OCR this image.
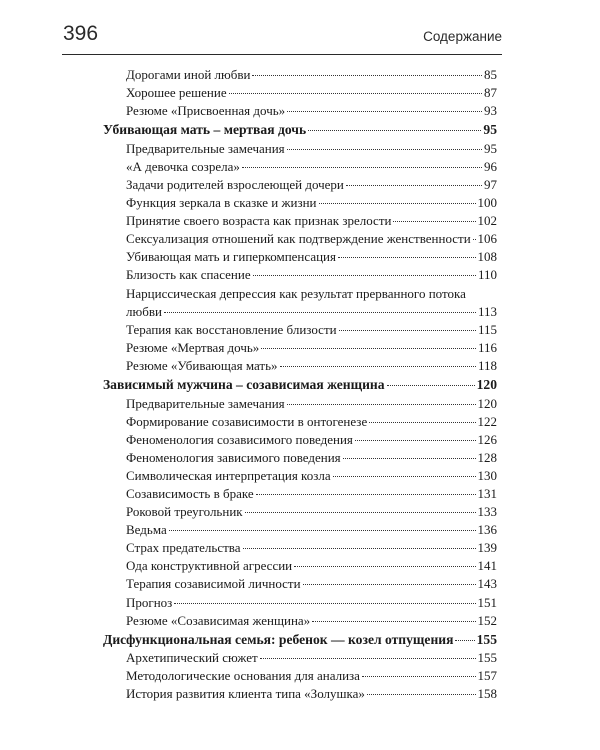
396	Содержание
Дорогами иной любви	85
Хорошее решение	87
Резюме «Присвоенная дочь»	93
Убивающая мать – мертвая дочь	95
Предварительные замечания	95
«А девочка созрела»	96
Задачи родителей взрослеющей дочери	97
Функция зеркала в сказке и жизни	100
Принятие своего возраста как признак зрелости	102
Сексуализация отношений как подтверждение женственности 106
Убивающая мать и гиперкомпенсация	108
Близость как спасение	110
Нарциссическая депрессия как результат прерванного потока
любви	113
Терапия как восстановление близости	115
Резюме «Мертвая дочь»	116
Резюме «Убивающая мать»	118
Зависимый мужчина – созависимая женщина	120
Предварительные замечания	120
Формирование созависимости в онтогенезе	122
Феноменология созависимого поведения	126
Феноменология зависимого поведения	128
Символическая интерпретация козла	130
Созависимость в браке	131
Роковой треугольник	133
Ведьма	136
Страх предательства	139
Ода конструктивной агрессии	141
Терапия созависимой личности	143
Прогноз	151
Резюме «Созависимая женщина»	152
Дисфункциональная семья: ребенок — козел отпущения 155
Архетипический сюжет	155
Методологические основания для анализа	157
История развития клиента типа «Золушка»	158
